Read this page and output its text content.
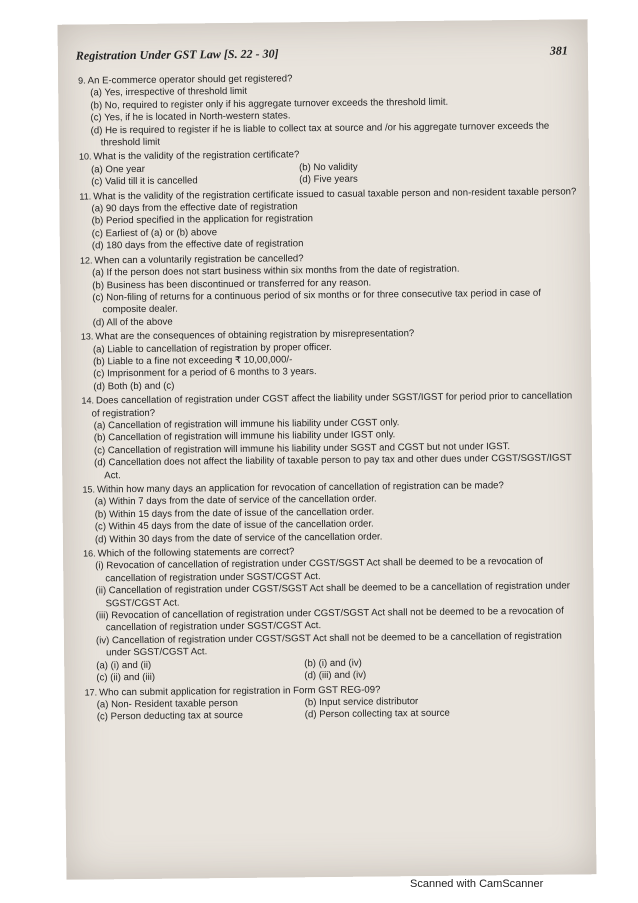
Registration Under GST Law [S. 22 - 30]	381
9. An E-commerce operator should get registered?
(a) Yes, irrespective of threshold limit
(b) No, required to register only if his aggregate turnover exceeds the threshold limit.
(c) Yes, if he is located in North-western states.
(d) He is required to register if he is liable to collect tax at source and /or his aggregate turnover exceeds the threshold limit
10. What is the validity of the registration certificate?
(a) One year	(b) No validity
(c) Valid till it is cancelled	(d) Five years
11. What is the validity of the registration certificate issued to casual taxable person and non-resident taxable person?
(a) 90 days from the effective date of registration
(b) Period specified in the application for registration
(c) Earliest of (a) or (b) above
(d) 180 days from the effective date of registration
12. When can a voluntarily registration be cancelled?
(a) If the person does not start business within six months from the date of registration.
(b) Business has been discontinued or transferred for any reason.
(c) Non-filing of returns for a continuous period of six months or for three consecutive tax period in case of composite dealer.
(d) All of the above
13. What are the consequences of obtaining registration by misrepresentation?
(a) Liable to cancellation of registration by proper officer.
(b) Liable to a fine not exceeding ₹ 10,00,000/-
(c) Imprisonment for a period of 6 months to 3 years.
(d) Both (b) and (c)
14. Does cancellation of registration under CGST affect the liability under SGST/IGST for period prior to cancellation of registration?
(a) Cancellation of registration will immune his liability under CGST only.
(b) Cancellation of registration will immune his liability under IGST only.
(c) Cancellation of registration will immune his liability under SGST and CGST but not under IGST.
(d) Cancellation does not affect the liability of taxable person to pay tax and other dues under CGST/SGST/IGST Act.
15. Within how many days an application for revocation of cancellation of registration can be made?
(a) Within 7 days from the date of service of the cancellation order.
(b) Within 15 days from the date of issue of the cancellation order.
(c) Within 45 days from the date of issue of the cancellation order.
(d) Within 30 days from the date of service of the cancellation order.
16. Which of the following statements are correct?
(i) Revocation of cancellation of registration under CGST/SGST Act shall be deemed to be a revocation of cancellation of registration under SGST/CGST Act.
(ii) Cancellation of registration under CGST/SGST Act shall be deemed to be a cancellation of registration under SGST/CGST Act.
(iii) Revocation of cancellation of registration under CGST/SGST Act shall not be deemed to be a revocation of cancellation of registration under SGST/CGST Act.
(iv) Cancellation of registration under CGST/SGST Act shall not be deemed to be a cancellation of registration under SGST/CGST Act.
(a) (i) and (ii)	(b) (i) and (iv)
(c) (ii) and (iii)	(d) (iii) and (iv)
17. Who can submit application for registration in Form GST REG-09?
(a) Non- Resident taxable person	(b) Input service distributor
(c) Person deducting tax at source	(d) Person collecting tax at source
Scanned with CamScanner
